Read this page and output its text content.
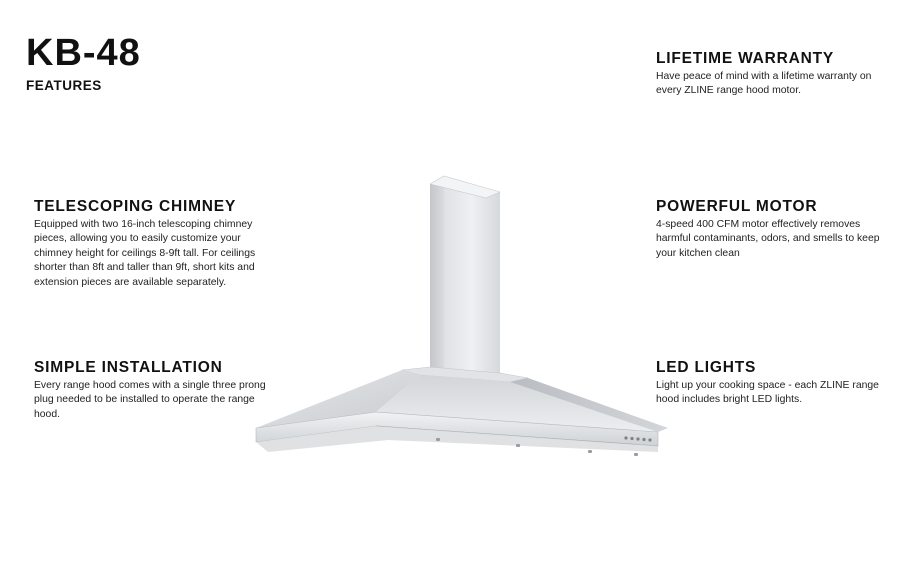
KB-48
FEATURES
LIFETIME WARRANTY

Have peace of mind with a lifetime warranty on every ZLINE range hood motor.

POWERFUL MOTOR

4-speed 400 CFM motor effectively removes harmful contaminants, odors, and smells to keep your kitchen clean

LED LIGHTS

Light up your cooking space - each ZLINE range hood includes bright LED lights.

TELESCOPING CHIMNEY

Equipped with two 16-inch telescoping chimney pieces, allowing you to easily customize your chimney height for ceilings 8-9ft tall. For ceilings shorter than 8ft and taller than 9ft, short kits and extension pieces are available separately.

SIMPLE INSTALLATION

Every range hood comes with a single three prong plug needed to be installed to operate the range hood.
